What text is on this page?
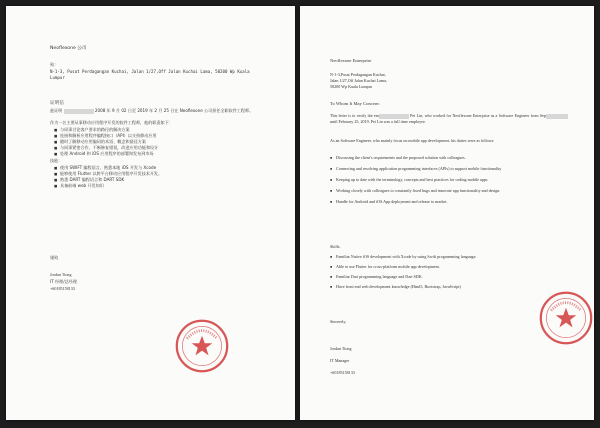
Neoflexone 公司
致：
N-1-3, Pusat Perdagangan Kuchai, Jalan 1/27,Off Jalan Kuchai Lama, 58200 Wp Kuala Lumpur
证明信
兹证明	2008 年 9 月 02 日至 2019 年 2 月 25 日在 Neoflexone 公司担任全职软件工程师。
作为一名主要从事移动应用程序开发的软件工程师，他的职责如下：
■ 与同事讨论客户要求的路径的解决方案
■ 连接和解析应用程序编程接口（API）以支持移动应用
■ 随时了解移动应用编码的术语、概念和最佳方案
■ 与同事紧密合作，不断修复错误，改进应用功能和设计
■ 处理 Android 和 iOS 应用程序的部署和发布到市场
技能：
■ 使用 SWIFT 编程语言，熟悉本地 iOS 开发与 Xcode
■ 能够使用 Flutter 以跨平台移动应用程序开发技术开发。
■ 熟悉 DART 编程语言和 DART SDK
■ 具备前端 web 开发知识
谨致
Jordan Tiong
IT 经理/总经理
+60185158133
Neoflexone Enterprise
N-1-3,Pusat Perdagangan Kuchai,
Jalan 1/27,Off Jalan Kuchai Lama,
58200 Wp Kuala Lumpur
To Whom It May Concern:
This letter is to verify the em	Pei Lin, who worked for Neoflexone Enterprise as a Software Engineer from Sep until February 25, 2019. Pei Lin was a full time employee.
As an Software Engineer, who mainly focus on mobile app development, his duties were as follows:
■ Discussing the client's requirements and the proposed solution with colleagues.
■ Connecting and resolving application programming interfaces (APIs) to support mobile functionality
■ Keeping up to date with the terminology, concepts and best practices for coding mobile apps
■ Working closely with colleagues to constantly fixed bugs and innovate app functionality and design.
■ Handle for Android and iOS App deployment and release to market.
Skills:
■ Familiar Native iOS development with Xcode by using Swift programming language.
■ Able to use Flutter for cross-platform mobile app development.
■ Familiar Dart programming language and Dart SDK.
■ Have front end web development knowledge (Html5, Bootstrap, JavaScript)
Sincerely,
Jordan Tiong
IT Manager
+60185158133
